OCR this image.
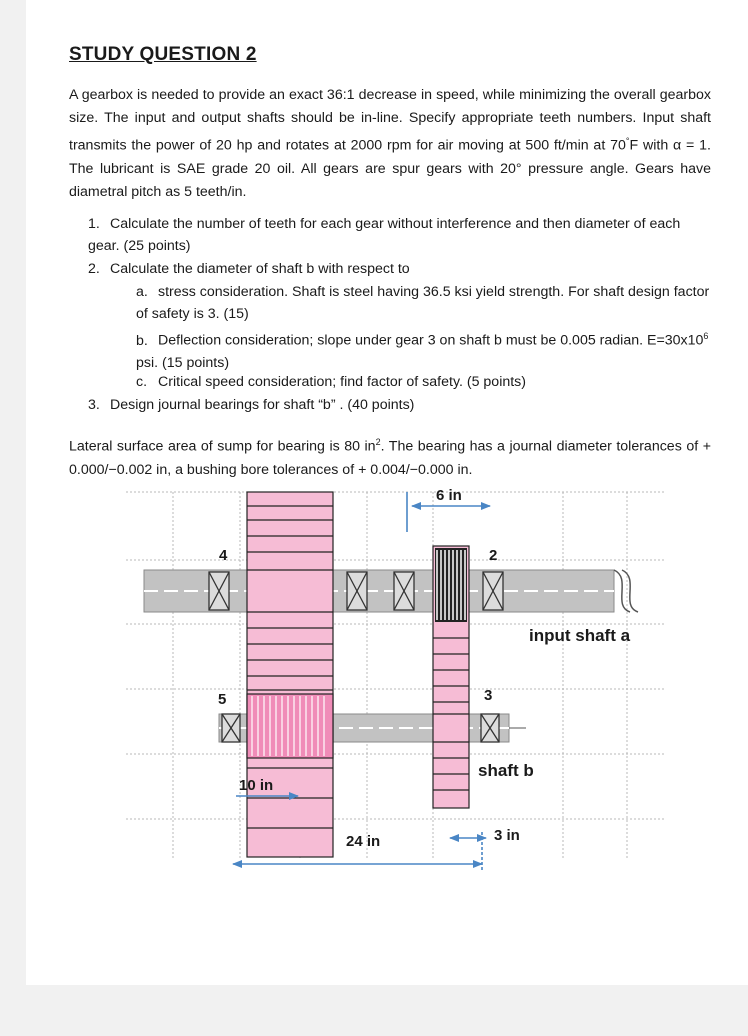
STUDY QUESTION 2
A gearbox is needed to provide an exact 36:1 decrease in speed, while minimizing the overall gearbox size. The input and output shafts should be in-line. Specify appropriate teeth numbers. Input shaft transmits the power of 20 hp and rotates at 2000 rpm for air moving at 500 ft/min at 70°F with α = 1. The lubricant is SAE grade 20 oil. All gears are spur gears with 20° pressure angle. Gears have diametral pitch as 5 teeth/in.
1. Calculate the number of teeth for each gear without interference and then diameter of each gear. (25 points)
2. Calculate the diameter of shaft b with respect to
a. stress consideration. Shaft is steel having 36.5 ksi yield strength. For shaft design factor of safety is 3. (15)
b. Deflection consideration; slope under gear 3 on shaft b must be 0.005 radian. $E=30x10^6$ psi. (15 points)
c. Critical speed consideration; find factor of safety. (5 points)
3. Design journal bearings for shaft “b” . (40 points)
Lateral surface area of sump for bearing is 80 $in^2$. The bearing has a journal diameter tolerances of + 0.000/−0.002 in, a bushing bore tolerances of + 0.004/−0.000 in.
6 in
2
4
5	3
input shaft a
shaft b
10 in
24 in	3 in
